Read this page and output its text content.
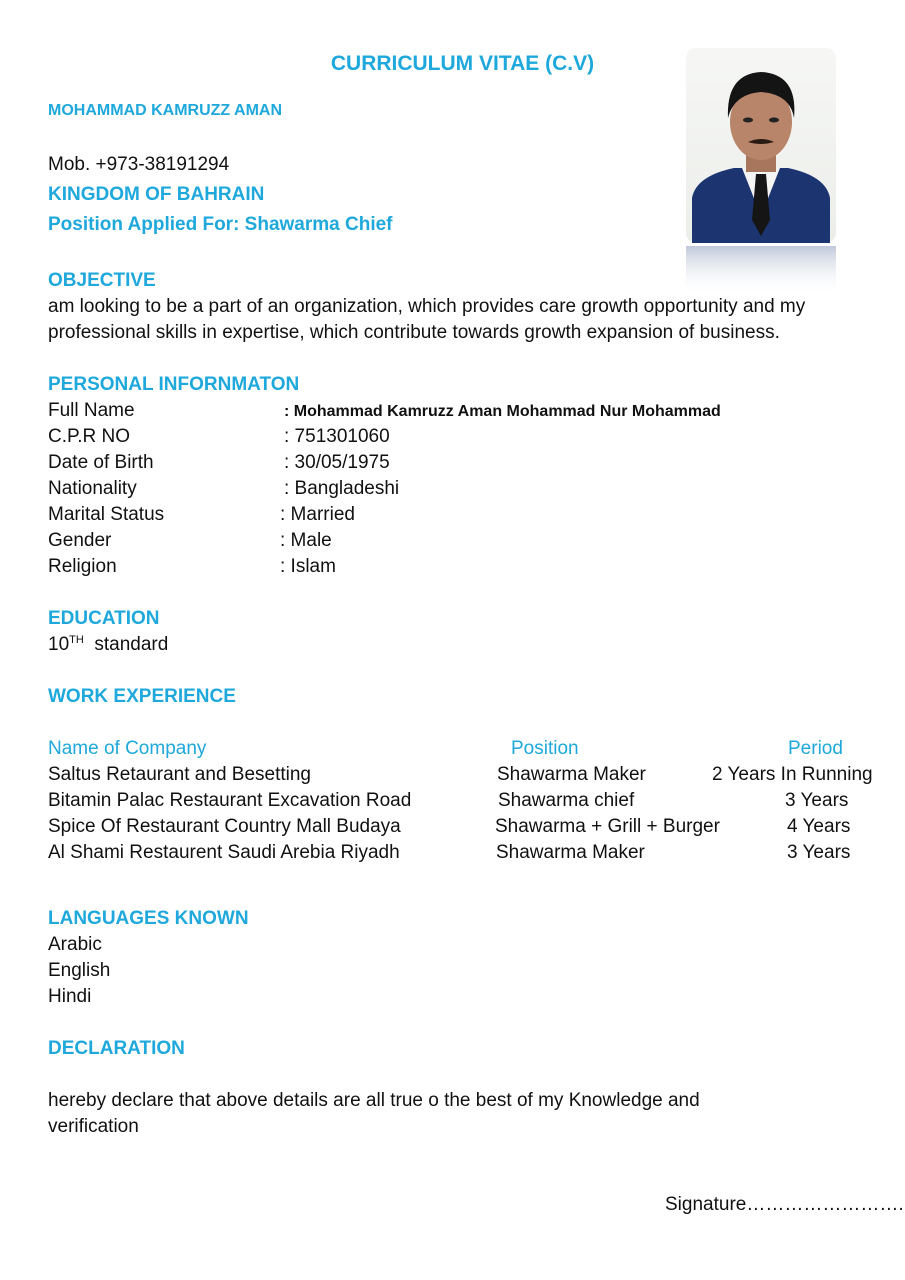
CURRICULUM VITAE (C.V)
MOHAMMAD KAMRUZZ AMAN
Mob. +973-38191294
KINGDOM OF BAHRAIN
Position Applied For: Shawarma Chief
OBJECTIVE
am looking to be a part of an organization, which provides care growth opportunity and my
professional skills in expertise, which contribute towards growth expansion of business.
PERSONAL INFORNMATON
Full Name	: Mohammad Kamruzz Aman Mohammad Nur Mohammad
C.P.R NO	: 751301060
Date of Birth	: 30/05/1975
Nationality	: Bangladeshi
Marital Status	: Married
Gender	: Male
Religion	: Islam
EDUCATION
10TH standard
WORK EXPERIENCE
Name of Company	Position	Period
Saltus Retaurant and Besetting	Shawarma Maker	2 Years In Running
Bitamin Palac Restaurant Excavation Road	Shawarma chief	3 Years
Spice Of Restaurant Country Mall Budaya	Shawarma + Grill + Burger	4 Years
Al Shami Restaurent Saudi Arebia Riyadh	Shawarma Maker	3 Years
LANGUAGES KNOWN
Arabic
English
Hindi
DECLARATION
hereby declare that above details are all true o the best of my Knowledge and
verification
Signature…………………….
